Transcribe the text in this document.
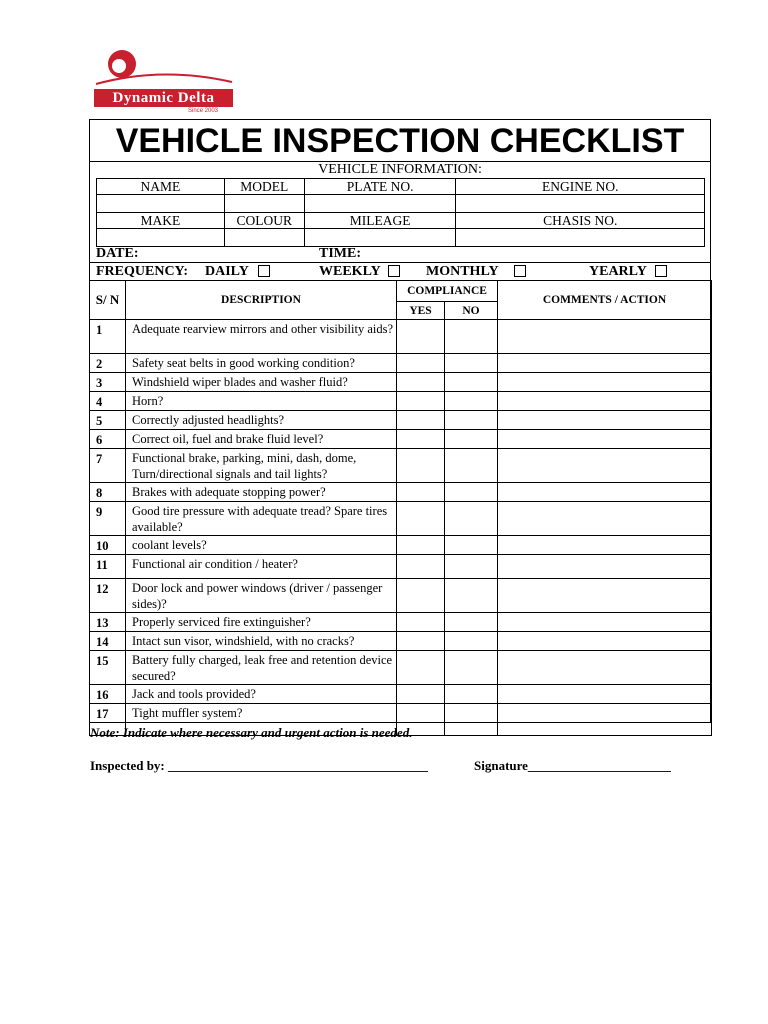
Dynamic Delta
Since 2003
VEHICLE INSPECTION CHECKLIST
VEHICLE INFORMATION:
NAME	MODEL	PLATE NO.	ENGINE NO.

MAKE	COLOUR	MILEAGE	CHASIS NO.

DATE:	TIME:
FREQUENCY: DAILY	WEEKLY	MONTHLY	YEARLY
S/ N	DESCRIPTION	COMPLIANCE		COMMENTS / ACTION
		YES	NO	
1	Adequate rearview mirrors and other visibility aids?			
2	Safety seat belts in good working condition?			
3	Windshield wiper blades and washer fluid?			
4	Horn?			
5	Correctly adjusted headlights?			
6	Correct oil, fuel and brake fluid level?			
7	Functional brake, parking, mini, dash, dome, Turn/directional signals and tail lights?			
8	Brakes with adequate stopping power?			
9	Good tire pressure with adequate tread? Spare tires available?			
10	coolant levels?			
11	Functional air condition / heater?			
12	Door lock and power windows (driver / passenger sides)?			
13	Properly serviced fire extinguisher?			
14	Intact sun visor, windshield, with no cracks?			
15	Battery fully charged, leak free and retention device secured?			
16	Jack and tools provided?			
17	Tight muffler system?			
Note: Indicate where necessary and urgent action is needed.
Inspected by: ________________________________________	Signature______________________
